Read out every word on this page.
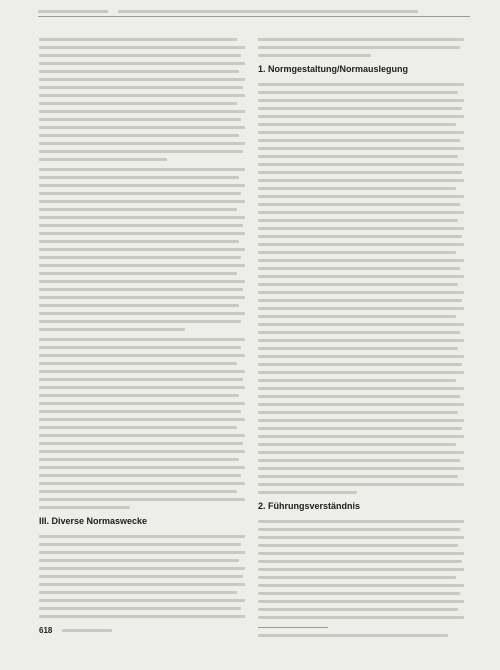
III. Diverse Normaswecke
1. Normgestaltung/Normauslegung
2. Führungsverständnis
618
